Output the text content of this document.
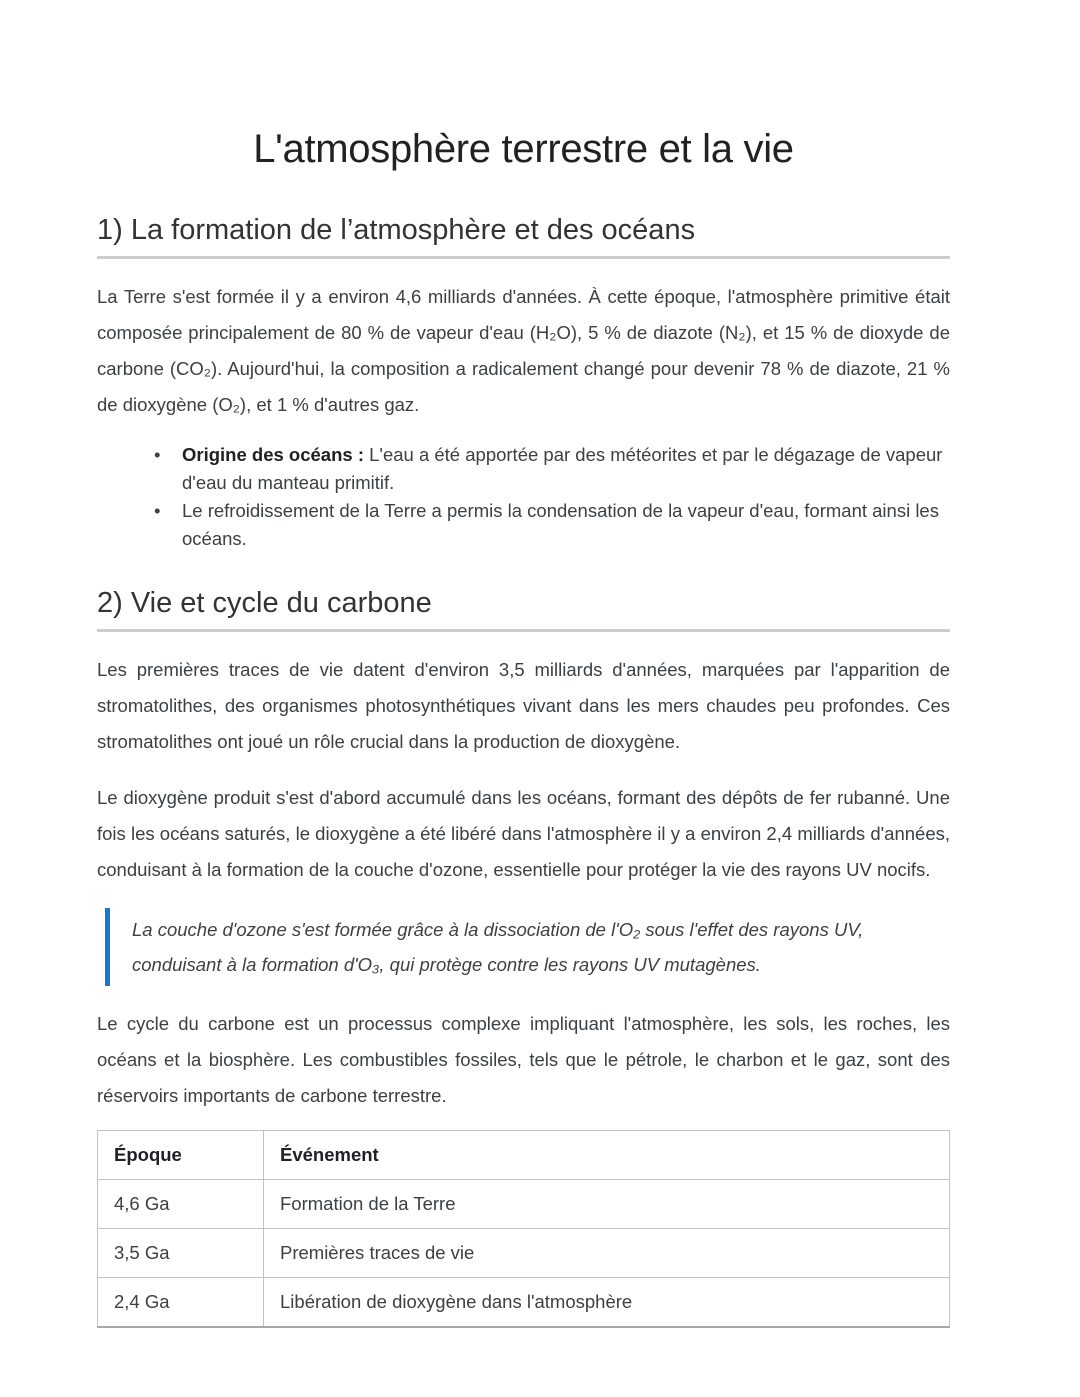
L'atmosphère terrestre et la vie
1) La formation de l’atmosphère et des océans

La Terre s'est formée il y a environ 4,6 milliards d'années. À cette époque, l'atmosphère primitive était composée principalement de 80 % de vapeur d'eau (H₂O), 5 % de diazote (N₂), et 15 % de dioxyde de carbone (CO₂). Aujourd'hui, la composition a radicalement changé pour devenir 78 % de diazote, 21 % de dioxygène (O₂), et 1 % d'autres gaz.

• Origine des océans : L'eau a été apportée par des météorites et par le dégazage de vapeur d'eau du manteau primitif.
• Le refroidissement de la Terre a permis la condensation de la vapeur d'eau, formant ainsi les océans.
2) Vie et cycle du carbone

Les premières traces de vie datent d'environ 3,5 milliards d'années, marquées par l'apparition de stromatolithes, des organismes photosynthétiques vivant dans les mers chaudes peu profondes. Ces stromatolithes ont joué un rôle crucial dans la production de dioxygène.

Le dioxygène produit s'est d'abord accumulé dans les océans, formant des dépôts de fer rubanné. Une fois les océans saturés, le dioxygène a été libéré dans l'atmosphère il y a environ 2,4 milliards d'années, conduisant à la formation de la couche d'ozone, essentielle pour protéger la vie des rayons UV nocifs.

La couche d'ozone s'est formée grâce à la dissociation de l'O₂ sous l'effet des rayons UV, conduisant à la formation d'O₃, qui protège contre les rayons UV mutagènes.

Le cycle du carbone est un processus complexe impliquant l'atmosphère, les sols, les roches, les océans et la biosphère. Les combustibles fossiles, tels que le pétrole, le charbon et le gaz, sont des réservoirs importants de carbone terrestre.

Époque	Événement
4,6 Ga	Formation de la Terre
3,5 Ga	Premières traces de vie
2,4 Ga	Libération de dioxygène dans l'atmosphère
